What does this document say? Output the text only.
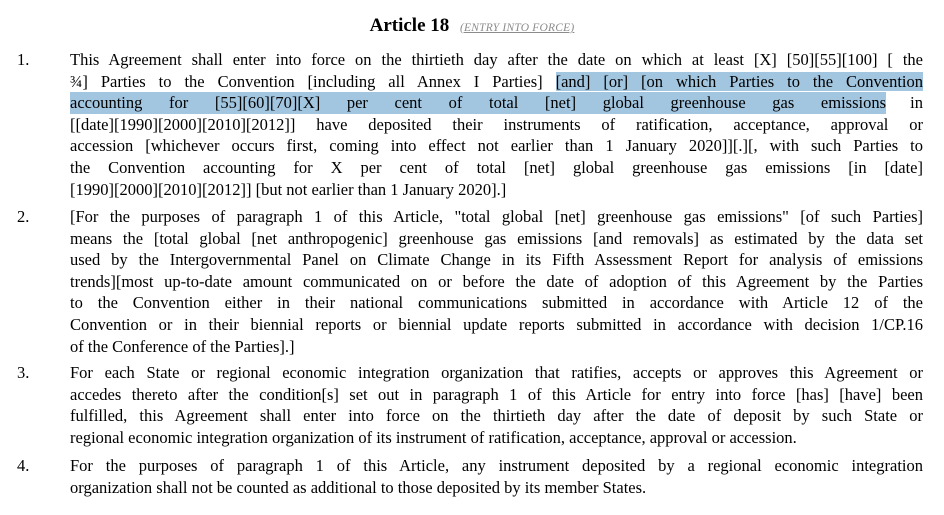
Article 18 (ENTRY INTO FORCE)
1. This Agreement shall enter into force on the thirtieth day after the date on which at least [X] [50][55][100] [ the
¾] Parties to the Convention [including all Annex I Parties] [and] [or] [on which Parties to the Convention
accounting for [55][60][70][X] per cent of total [net] global greenhouse gas emissions in
[[date][1990][2000][2010][2012]] have deposited their instruments of ratification, acceptance, approval or
accession [whichever occurs first, coming into effect not earlier than 1 January 2020]][.][, with such Parties to
the Convention accounting for X per cent of total [net] global greenhouse gas emissions [in [date]
[1990][2000][2010][2012]] [but not earlier than 1 January 2020].]
2. [For the purposes of paragraph 1 of this Article, "total global [net] greenhouse gas emissions" [of such Parties]
means the [total global [net anthropogenic] greenhouse gas emissions [and removals] as estimated by the data set
used by the Intergovernmental Panel on Climate Change in its Fifth Assessment Report for analysis of emissions
trends][most up-to-date amount communicated on or before the date of adoption of this Agreement by the Parties
to the Convention either in their national communications submitted in accordance with Article 12 of the
Convention or in their biennial reports or biennial update reports submitted in accordance with decision 1/CP.16
of the Conference of the Parties].]
3. For each State or regional economic integration organization that ratifies, accepts or approves this Agreement or
accedes thereto after the condition[s] set out in paragraph 1 of this Article for entry into force [has] [have] been
fulfilled, this Agreement shall enter into force on the thirtieth day after the date of deposit by such State or
regional economic integration organization of its instrument of ratification, acceptance, approval or accession.
4. For the purposes of paragraph 1 of this Article, any instrument deposited by a regional economic integration
organization shall not be counted as additional to those deposited by its member States.
